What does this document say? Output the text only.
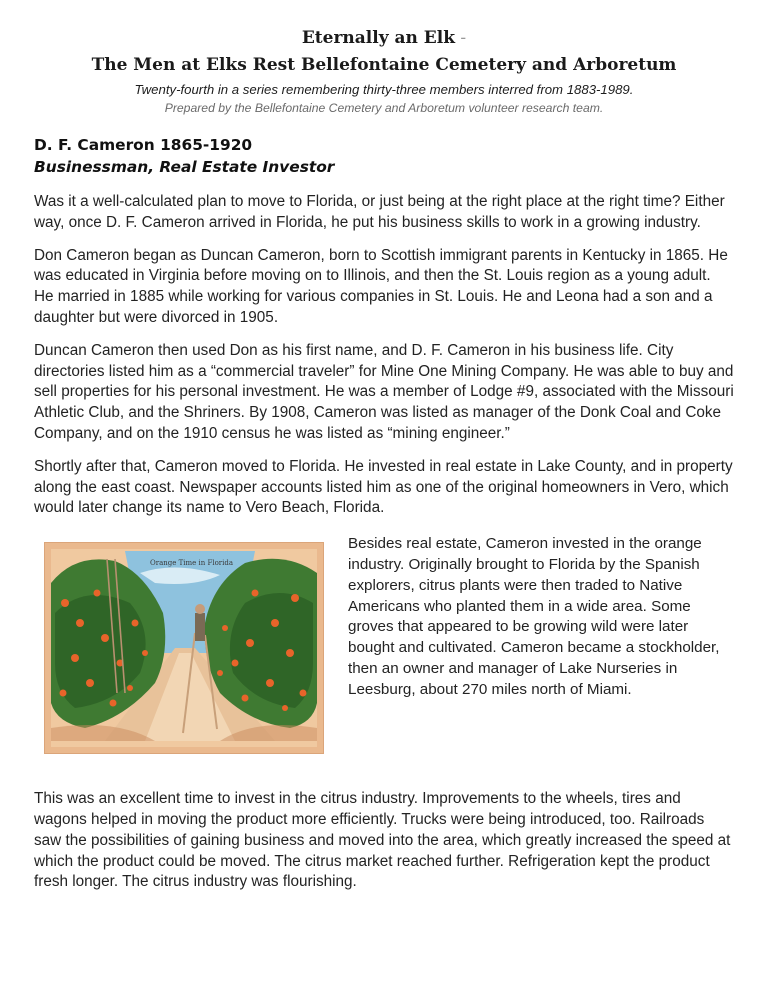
Eternally an Elk -
The Men at Elks Rest Bellefontaine Cemetery and Arboretum
Twenty-fourth in a series remembering thirty-three members interred from 1883-1989.
Prepared by the Bellefontaine Cemetery and Arboretum volunteer research team.
D. F. Cameron 1865-1920
Businessman, Real Estate Investor

Was it a well-calculated plan to move to Florida, or just being at the right place at the right time? Either way, once D. F. Cameron arrived in Florida, he put his business skills to work in a growing industry.

Don Cameron began as Duncan Cameron, born to Scottish immigrant parents in Kentucky in 1865. He was educated in Virginia before moving on to Illinois, and then the St. Louis region as a young adult. He married in 1885 while working for various companies in St. Louis. He and Leona had a son and a daughter but were divorced in 1905.

Duncan Cameron then used Don as his first name, and D. F. Cameron in his business life. City directories listed him as a “commercial traveler” for Mine One Mining Company. He was able to buy and sell properties for his personal investment. He was a member of Lodge #9, associated with the Missouri Athletic Club, and the Shriners. By 1908, Cameron was listed as manager of the Donk Coal and Coke Company, and on the 1910 census he was listed as “mining engineer.”

Shortly after that, Cameron moved to Florida. He invested in real estate in Lake County, and in property along the east coast. Newspaper accounts listed him as one of the original homeowners in Vero, which would later change its name to Vero Beach, Florida.

Orange Time in Florida

Besides real estate, Cameron invested in the orange industry. Originally brought to Florida by the Spanish explorers, citrus plants were then traded to Native Americans who planted them in a wide area. Some groves that appeared to be growing wild were later bought and cultivated. Cameron became a stockholder, then an owner and manager of Lake Nurseries in Leesburg, about 270 miles north of Miami.

This was an excellent time to invest in the citrus industry. Improvements to the wheels, tires and wagons helped in moving the product more efficiently. Trucks were being introduced, too. Railroads saw the possibilities of gaining business and moved into the area, which greatly increased the speed at which the product could be moved. The citrus market reached further. Refrigeration kept the product fresh longer. The citrus industry was flourishing.
